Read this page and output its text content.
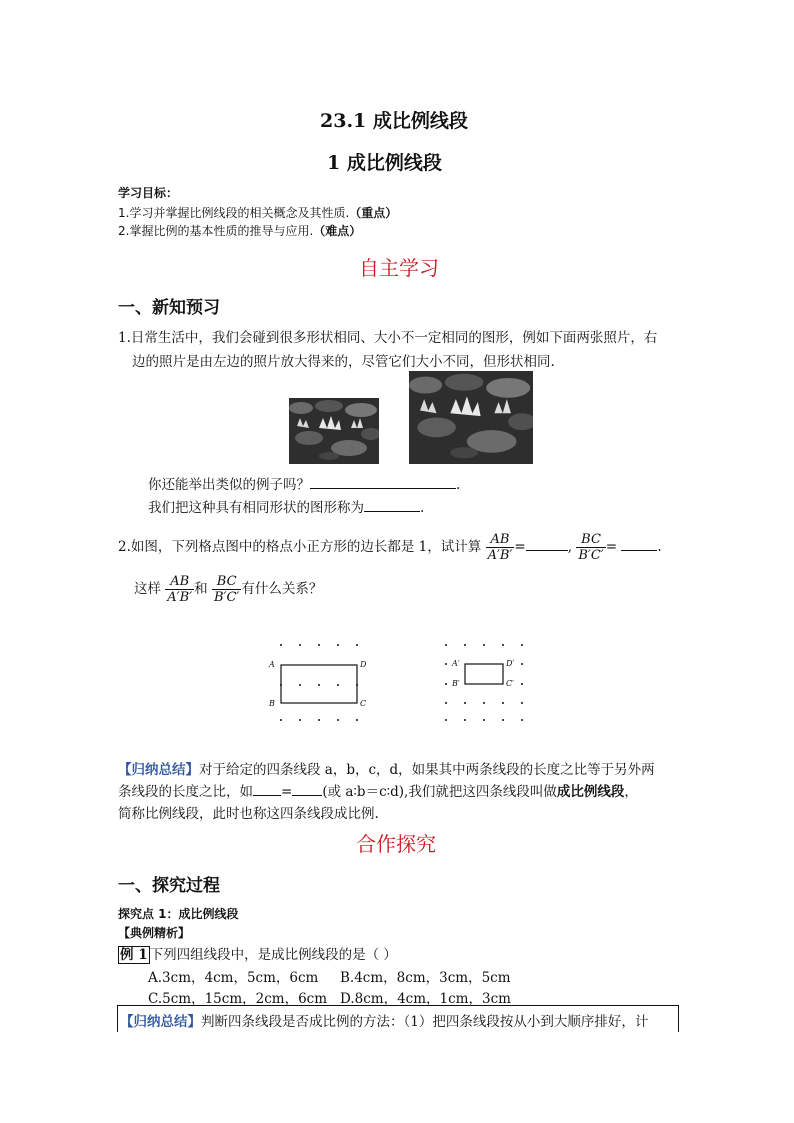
23.1 成比例线段
1 成比例线段
学习目标：
1.学习并掌握比例线段的相关概念及其性质.（重点）
2.掌握比例的基本性质的推导与应用.（难点）
自主学习
一、新知预习
1.日常生活中，我们会碰到很多形状相同、大小不一定相同的图形，例如下面两张照片，右
边的照片是由左边的照片放大得来的，尽管它们大小不同，但形状相同.
你还能举出类似的例子吗？	.
我们把这种具有相同形状的图形称为	.
2.如图，下列格点图中的格点小正方形的边长都是 1，试计算 $\frac{AB}{A'B'}$ =	, $\frac{BC}{B'C'}$ =	.
这样 $\frac{AB}{A'B'}$ 和 $\frac{BC}{B'C'}$ 有什么关系？
A	D
B	C
A′	D′
B′	C′
【归纳总结】对于给定的四条线段 a，b，c，d，如果其中两条线段的长度之比等于另外两
条线段的长度之比，如 = (或 a∶b＝c∶d),我们就把这四条线段叫做成比例线段，
简称比例线段，此时也称这四条线段成比例.
合作探究
一、探究过程
探究点 1：成比例线段
【典例精析】
例 1 下列四组线段中，是成比例线段的是（ ）
A.3cm，4cm，5cm，6cm B.4cm，8cm，3cm，5cm
C.5cm，15cm，2cm，6cm D.8cm，4cm，1cm，3cm
【归纳总结】判断四条线段是否成比例的方法：（1）把四条线段按从小到大顺序排好，计
